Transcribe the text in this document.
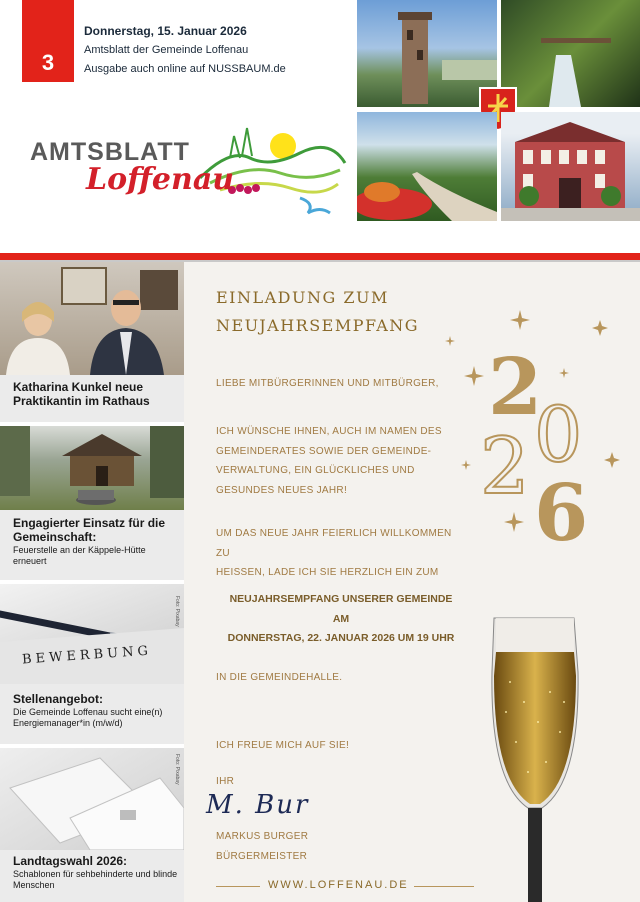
3
Donnerstag, 15. Januar 2026
Amtsblatt der Gemeinde Loffenau
Ausgabe auch online auf NUSSBAUM.de
AMTSBLATT
Loffenau
Katharina Kunkel neue Praktikantin im Rathaus
Engagierter Einsatz für die Gemeinschaft:
Feuerstelle an der Käppele-Hütte erneuert
BEWERBUNG
Foto: Pixabay
Stellenangebot:
Die Gemeinde Loffenau sucht eine(n) Energiemanager*in (m/w/d)
Foto: Pixabay
Landtagswahl 2026:
Schablonen für sehbehinderte und blinde Menschen
EINLADUNG ZUM
NEUJAHRSEMPFANG
LIEBE MITBÜRGERINNEN UND MITBÜRGER,
ICH WÜNSCHE IHNEN, AUCH IM NAMEN DES
GEMEINDERATES SOWIE DER GEMEINDE-
VERWALTUNG, EIN GLÜCKLICHES UND
GESUNDES NEUES JAHR!
UM DAS NEUE JAHR FEIERLICH WILLKOMMEN ZU
HEISSEN, LADE ICH SIE HERZLICH EIN ZUM
NEUJAHRSEMPFANG UNSERER GEMEINDE
AM
DONNERSTAG, 22. JANUAR 2026 UM 19 UHR
IN DIE GEMEINDEHALLE.
ICH FREUE MICH AUF SIE!
IHR
M. Bur
MARKUS BURGER
BÜRGERMEISTER
WWW.LOFFENAU.DE
2
0
2
6
